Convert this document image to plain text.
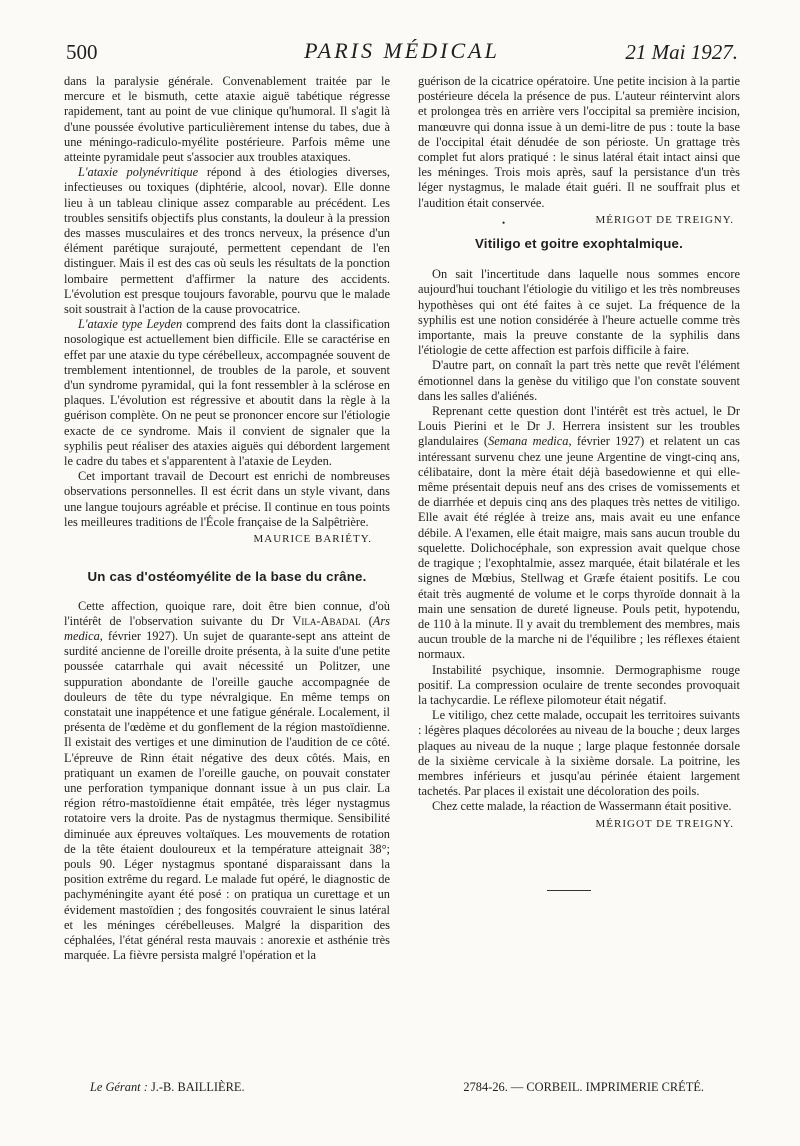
500	PARIS MÉDICAL	21 Mai 1927.

dans la paralysie générale. Convenablement traitée par le mercure et le bismuth, cette ataxie aiguë tabétique régresse rapidement, tant au point de vue clinique qu'humoral. Il s'agit là d'une poussée évolutive particulièrement intense du tabes, due à une méningo-radiculo-myélite postérieure. Parfois même une atteinte pyramidale peut s'associer aux troubles ataxiques.

L'ataxie polynévritique répond à des étiologies diverses, infectieuses ou toxiques (diphtérie, alcool, novar). Elle donne lieu à un tableau clinique assez comparable au précédent. Les troubles sensitifs objectifs plus constants, la douleur à la pression des masses musculaires et des troncs nerveux, la présence d'un élément parétique surajouté, permettent cependant de l'en distinguer. Mais il est des cas où seuls les résultats de la ponction lombaire permettent d'affirmer la nature des accidents. L'évolution est presque toujours favorable, pourvu que le malade soit soustrait à l'action de la cause provocatrice.

L'ataxie type Leyden comprend des faits dont la classification nosologique est actuellement bien difficile. Elle se caractérise en effet par une ataxie du type cérébelleux, accompagnée souvent de tremblement intentionnel, de troubles de la parole, et souvent d'un syndrome pyramidal, qui la font ressembler à la sclérose en plaques. L'évolution est régressive et aboutit dans la règle à la guérison complète. On ne peut se prononcer encore sur l'étiologie exacte de ce syndrome. Mais il convient de signaler que la syphilis peut réaliser des ataxies aiguës qui débordent largement le cadre du tabes et s'apparentent à l'ataxie de Leyden.

Cet important travail de Decourt est enrichi de nombreuses observations personnelles. Il est écrit dans un style vivant, dans une langue toujours agréable et précise. Il continue en tous points les meilleures traditions de l'École française de la Salpêtrière.

MAURICE BARIÉTY.
Un cas d'ostéomyélite de la base du crâne.

Cette affection, quoique rare, doit être bien connue, d'où l'intérêt de l'observation suivante du Dr Vila-Abadal (Ars medica, février 1927). Un sujet de quarante-sept ans atteint de surdité ancienne de l'oreille droite présenta, à la suite d'une petite poussée catarrhale qui avait nécessité un Politzer, une suppuration abondante de l'oreille gauche accompagnée de douleurs de tête du type névralgique. En même temps on constatait une inappétence et une fatigue générale. Localement, il présenta de l'œdème et du gonflement de la région mastoïdienne. Il existait des vertiges et une diminution de l'audition de ce côté. L'épreuve de Rinn était négative des deux côtés. Mais, en pratiquant un examen de l'oreille gauche, on pouvait constater une perforation tympanique donnant issue à un pus clair. La région rétro-mastoïdienne était empâtée, très léger nystagmus rotatoire vers la droite. Pas de nystagmus thermique. Sensibilité diminuée aux épreuves voltaïques. Les mouvements de rotation de la tête étaient douloureux et la température atteignait 38°; pouls 90. Léger nystagmus spontané disparaissant dans la position extrême du regard. Le malade fut opéré, le diagnostic de pachyméningite ayant été posé : on pratiqua un curettage et un évidement mastoïdien ; des fongosités couvraient le sinus latéral et les méninges cérébelleuses. Malgré la disparition des céphalées, l'état général resta mauvais : anorexie et asthénie très marquée. La fièvre persista malgré l'opération et la

guérison de la cicatrice opératoire. Une petite incision à la partie postérieure décela la présence de pus. L'auteur réintervint alors et prolongea très en arrière vers l'occipital sa première incision, manœuvre qui donna issue à un demi-litre de pus : toute la base de l'occipital était dénudée de son périoste. Un grattage très complet fut alors pratiqué : le sinus latéral était intact ainsi que les méninges. Trois mois après, sauf la persistance d'un très léger nystagmus, le malade était guéri. Il ne souffrait plus et l'audition était conservée.

MÉRIGOT DE TREIGNY.
•
Vitiligo et goitre exophtalmique.

On sait l'incertitude dans laquelle nous sommes encore aujourd'hui touchant l'étiologie du vitiligo et les très nombreuses hypothèses qui ont été faites à ce sujet. La fréquence de la syphilis est une notion considérée à l'heure actuelle comme très importante, mais la preuve constante de la syphilis dans l'étiologie de cette affection est parfois difficile à faire.

D'autre part, on connaît la part très nette que revêt l'élément émotionnel dans la genèse du vitiligo que l'on constate souvent dans les salles d'aliénés.

Reprenant cette question dont l'intérêt est très actuel, le Dr Louis Pierini et le Dr J. Herrera insistent sur les troubles glandulaires (Semana medica, février 1927) et relatent un cas intéressant survenu chez une jeune Argentine de vingt-cinq ans, célibataire, dont la mère était déjà basedowienne et qui elle-même présentait depuis neuf ans des crises de vomissements et de diarrhée et depuis cinq ans des plaques très nettes de vitiligo. Elle avait été réglée à treize ans, mais avait eu une enfance débile. A l'examen, elle était maigre, mais sans aucun trouble du squelette. Dolichocéphale, son expression avait quelque chose de tragique ; l'exophtalmie, assez marquée, était bilatérale et les signes de Mœbius, Stellwag et Græfe étaient positifs. Le cou était très augmenté de volume et le corps thyroïde donnait à la main une sensation de dureté ligneuse. Pouls petit, hypotendu, de 110 à la minute. Il y avait du tremblement des membres, mais aucun trouble de la marche ni de l'équilibre ; les réflexes étaient normaux.

Instabilité psychique, insomnie. Dermographisme rouge positif. La compression oculaire de trente secondes provoquait la tachycardie. Le réflexe pilomoteur était négatif.

Le vitiligo, chez cette malade, occupait les territoires suivants : légères plaques décolorées au niveau de la bouche ; deux larges plaques au niveau de la nuque ; large plaque festonnée dorsale de la sixième cervicale à la sixième dorsale. La poitrine, les membres inférieurs et jusqu'au périnée étaient largement tachetés. Par places il existait une décoloration des poils.

Chez cette malade, la réaction de Wassermann était positive.

MÉRIGOT DE TREIGNY.
Le Gérant : J.-B. BAILLIÈRE.	2784-26. — CORBEIL. IMPRIMERIE CRÉTÉ.
